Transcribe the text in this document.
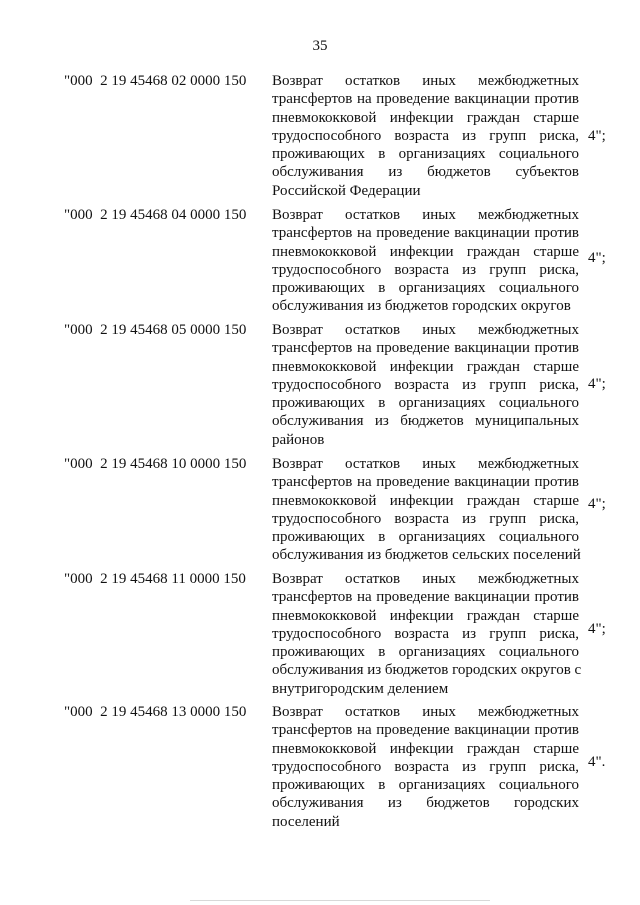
35
"000  2 19 45468 02 0000 150 Возврат остатков иных межбюджетных
трансфертов на проведение вакцинации против
пневмококковой инфекции граждан старше
трудоспособного возраста из групп риска,
проживающих в организациях социального
обслуживания из бюджетов субъектов
Российской Федерации
4";
"000  2 19 45468 04 0000 150 Возврат остатков иных межбюджетных
трансфертов на проведение вакцинации против
пневмококковой инфекции граждан старше
трудоспособного возраста из групп риска,
проживающих в организациях социального
обслуживания из бюджетов городских округов
4";
"000  2 19 45468 05 0000 150 Возврат остатков иных межбюджетных
трансфертов на проведение вакцинации против
пневмококковой инфекции граждан старше
трудоспособного возраста из групп риска,
проживающих в организациях социального
обслуживания из бюджетов муниципальных
районов
4";
"000  2 19 45468 10 0000 150 Возврат остатков иных межбюджетных
трансфертов на проведение вакцинации против
пневмококковой инфекции граждан старше
трудоспособного возраста из групп риска,
проживающих в организациях социального
обслуживания из бюджетов сельских поселений
4";
"000  2 19 45468 11 0000 150 Возврат остатков иных межбюджетных
трансфертов на проведение вакцинации против
пневмококковой инфекции граждан старше
трудоспособного возраста из групп риска,
проживающих в организациях социального
обслуживания из бюджетов городских округов с
внутригородским делением
4";
"000  2 19 45468 13 0000 150 Возврат остатков иных межбюджетных
трансфертов на проведение вакцинации против
пневмококковой инфекции граждан старше
трудоспособного возраста из групп риска,
проживающих в организациях социального
обслуживания из бюджетов городских
поселений
4".
